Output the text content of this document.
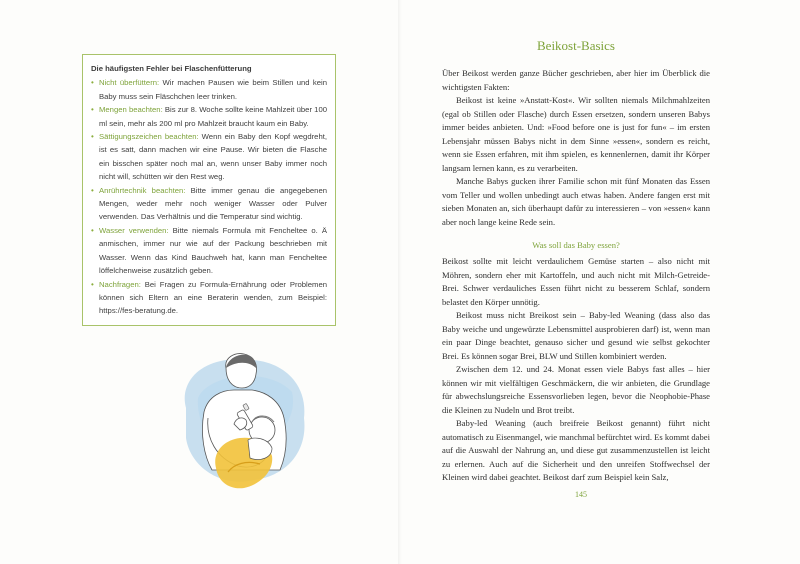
Die häufigsten Fehler bei Flaschenfütterung
• Nicht überfüttern: Wir machen Pausen wie beim Stillen und kein Baby muss sein Fläschchen leer trinken.
• Mengen beachten: Bis zur 8. Woche sollte keine Mahlzeit über 100 ml sein, mehr als 200 ml pro Mahlzeit braucht kaum ein Baby.
• Sättigungszeichen beachten: Wenn ein Baby den Kopf wegdreht, ist es satt, dann machen wir eine Pause. Wir bieten die Flasche ein bisschen später noch mal an, wenn unser Baby immer noch nicht will, schütten wir den Rest weg.
• Anrührtechnik beachten: Bitte immer genau die angegebenen Mengen, weder mehr noch weniger Wasser oder Pulver verwenden. Das Verhältnis und die Temperatur sind wichtig.
• Wasser verwenden: Bitte niemals Formula mit Fencheltee o. Ä anmischen, immer nur wie auf der Packung beschrieben mit Wasser. Wenn das Kind Bauchweh hat, kann man Fencheltee löffelchenweise zusätzlich geben.
• Nachfragen: Bei Fragen zu Formula-Ernährung oder Problemen können sich Eltern an eine Beraterin wenden, zum Beispiel: https://fes-beratung.de.
Beikost-Basics

Über Beikost werden ganze Bücher geschrieben, aber hier im Überblick die wichtigsten Fakten:

Beikost ist keine »Anstatt-Kost«. Wir sollten niemals Milchmahlzeiten (egal ob Stillen oder Flasche) durch Essen ersetzen, sondern unseren Babys immer beides anbieten. Und: »Food before one is just for fun« – im ersten Lebensjahr müssen Babys nicht in dem Sinne »essen«, sondern es reicht, wenn sie Essen erfahren, mit ihm spielen, es kennenlernen, damit ihr Körper langsam lernen kann, es zu verarbeiten.

Manche Babys gucken ihrer Familie schon mit fünf Monaten das Essen vom Teller und wollen unbedingt auch etwas haben. Andere fangen erst mit sieben Monaten an, sich überhaupt dafür zu interessieren – von »essen« kann aber noch lange keine Rede sein.

Was soll das Baby essen?

Beikost sollte mit leicht verdaulichem Gemüse starten – also nicht mit Möhren, sondern eher mit Kartoffeln, und auch nicht mit Milch-Getreide-Brei. Schwer verdauliches Essen führt nicht zu besserem Schlaf, sondern belastet den Körper unnötig.

Beikost muss nicht Breikost sein – Baby-led Weaning (dass also das Baby weiche und ungewürzte Lebensmittel ausprobieren darf) ist, wenn man ein paar Dinge beachtet, genauso sicher und gesund wie selbst gekochter Brei. Es können sogar Brei, BLW und Stillen kombiniert werden.

Zwischen dem 12. und 24. Monat essen viele Babys fast alles – hier können wir mit vielfältigen Geschmäckern, die wir anbieten, die Grundlage für abwechslungsreiche Essensvorlieben legen, bevor die Neophobie-Phase die Kleinen zu Nudeln und Brot treibt.

Baby-led Weaning (auch breifreie Beikost genannt) führt nicht automatisch zu Eisenmangel, wie manchmal befürchtet wird. Es kommt dabei auf die Auswahl der Nahrung an, und diese gut zusammenzustellen ist leicht zu erlernen. Auch auf die Sicherheit und den unreifen Stoffwechsel der Kleinen wird dabei geachtet. Beikost darf zum Beispiel kein Salz,

145
